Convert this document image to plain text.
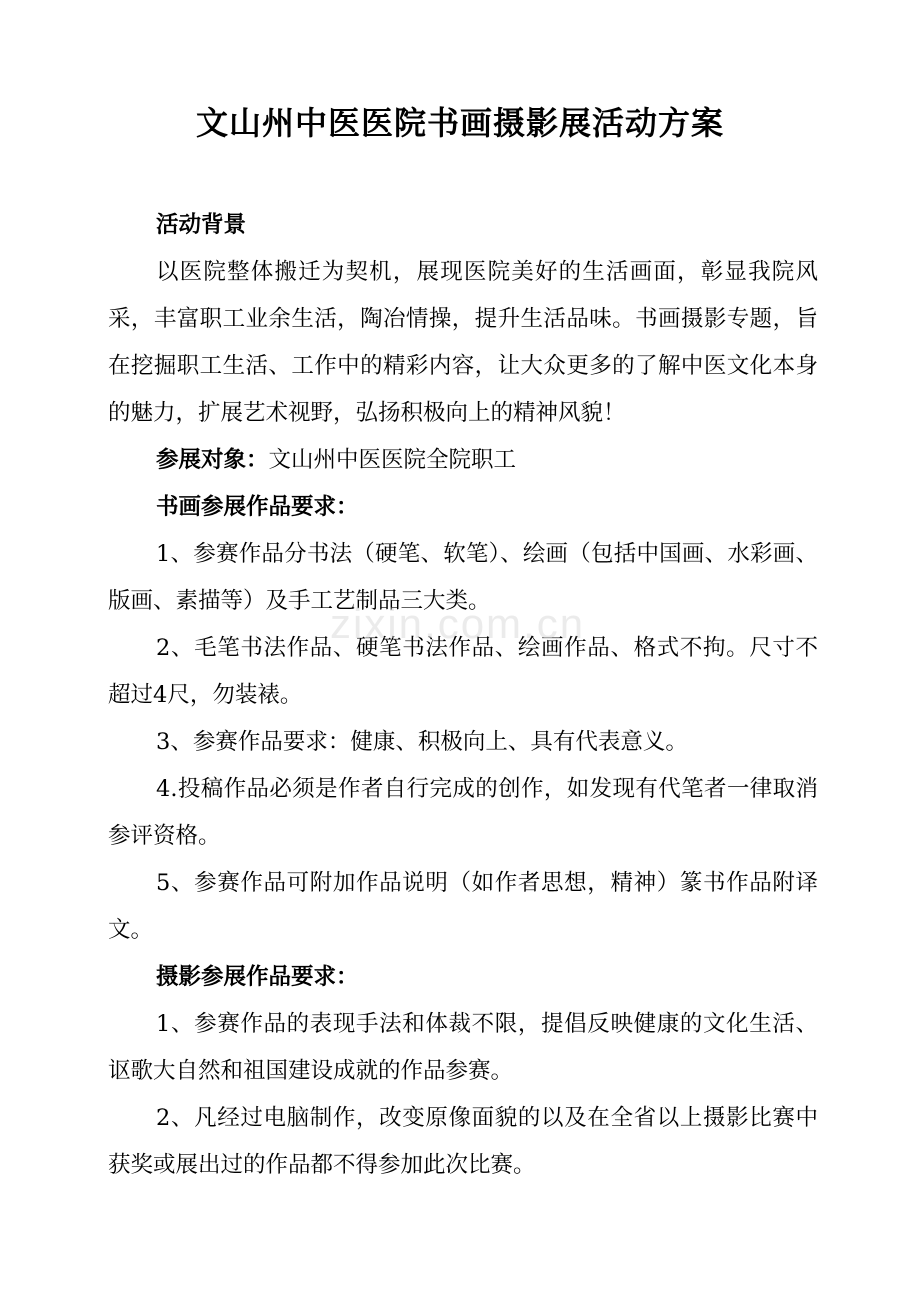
文山州中医医院书画摄影展活动方案

活动背景

以医院整体搬迁为契机，展现医院美好的生活画面，彰显我院风采，丰富职工业余生活，陶冶情操，提升生活品味。书画摄影专题，旨在挖掘职工生活、工作中的精彩内容，让大众更多的了解中医文化本身的魅力，扩展艺术视野，弘扬积极向上的精神风貌！

参展对象：文山州中医医院全院职工

书画参展作品要求：

1、参赛作品分书法（硬笔、软笔）、绘画（包括中国画、水彩画、版画、素描等）及手工艺制品三大类。

2、毛笔书法作品、硬笔书法作品、绘画作品、格式不拘。尺寸不超过4尺，勿装裱。

3、参赛作品要求：健康、积极向上、具有代表意义。

4.投稿作品必须是作者自行完成的创作，如发现有代笔者一律取消参评资格。

5、参赛作品可附加作品说明（如作者思想，精神）篆书作品附译文。

摄影参展作品要求：

1、参赛作品的表现手法和体裁不限，提倡反映健康的文化生活、讴歌大自然和祖国建设成就的作品参赛。

2、凡经过电脑制作，改变原像面貌的以及在全省以上摄影比赛中获奖或展出过的作品都不得参加此次比赛。

zixin.com.cn
